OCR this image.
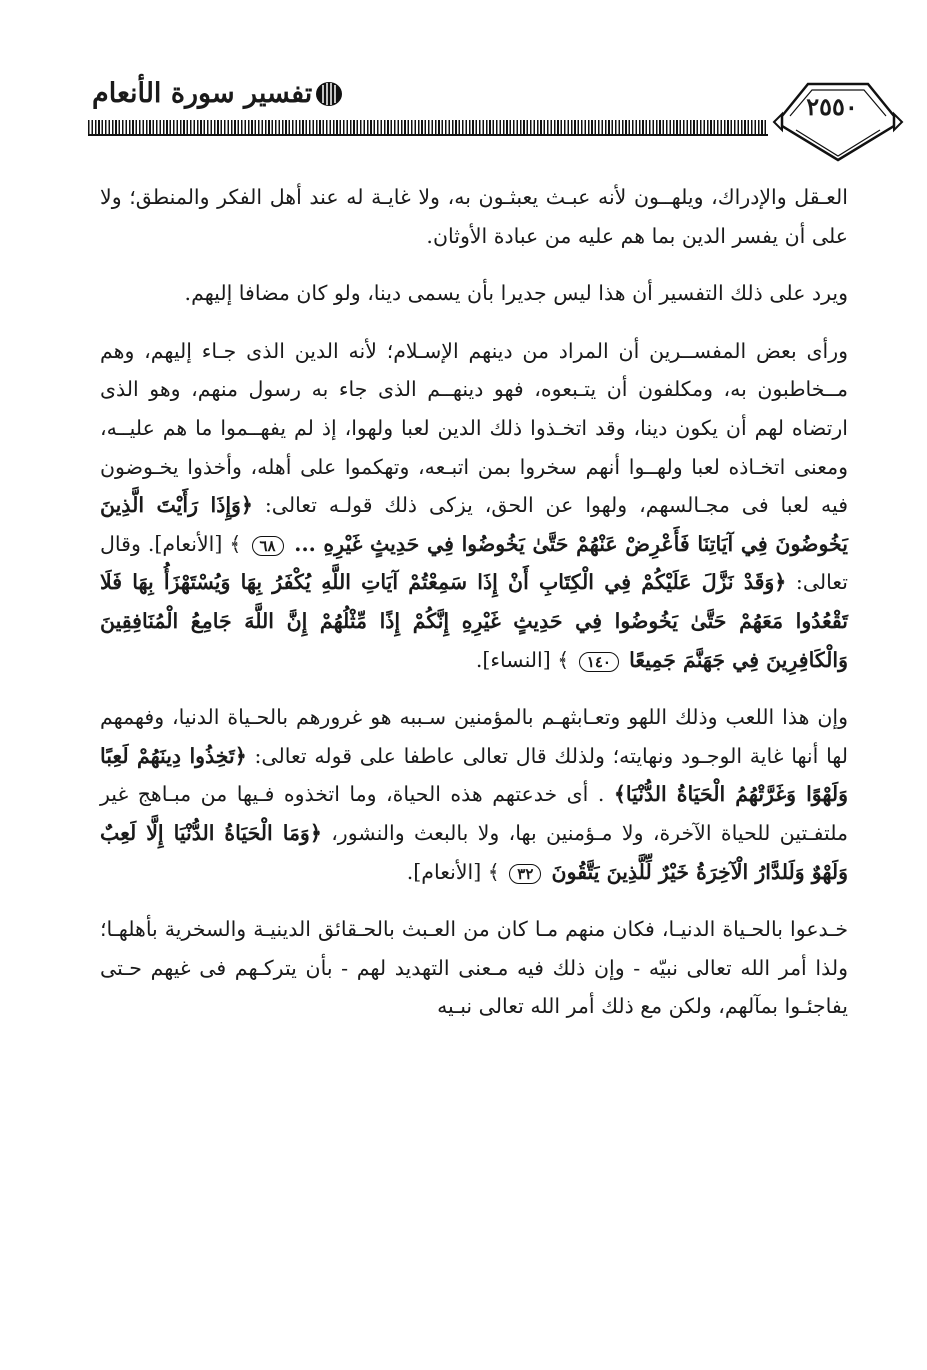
تفسير سورة الأنعام	٢٥٥٠

العـقل والإدراك، ويلهــون لأنه عبـث يعبثـون به، ولا غايـة له عند أهل الفكر والمنطق؛ ولا على أن يفسر الدين بما هم عليه من عبادة الأوثان.

ويرد على ذلك التفسير أن هذا ليس جديرا بأن يسمى دينا، ولو كان مضافا إليهم.

ورأى بعض المفســرين أن المراد من دينهم الإسـلام؛ لأنه الدين الذى جـاء إليهم، وهم مــخاطبون به، ومكلفون أن يتـبعوه، فهو دينهــم الذى جاء به رسول منهم، وهو الذى ارتضاه لهم أن يكون دينا، وقد اتخـذوا ذلك الدين لعبا ولهوا، إذ لم يفهــموا ما هم عليــه، ومعنى اتخـاذه لعبا ولهــوا أنهم سخروا بمن اتبـعه، وتهكموا على أهله، وأخذوا يخـوضون فيه لعبا فى مجـالسهم، ولهوا عن الحق، يزكى ذلك قولـه تعالى: ﴿وَإِذَا رَأَيْتَ الَّذِينَ يَخُوضُونَ فِي آيَاتِنَا فَأَعْرِضْ عَنْهُمْ حَتَّىٰ يَخُوضُوا فِي حَدِيثٍ غَيْرِهِ ... ٦٨ ﴾ [الأنعام]. وقال تعالى: ﴿وَقَدْ نَزَّلَ عَلَيْكُمْ فِي الْكِتَابِ أَنْ إِذَا سَمِعْتُمْ آيَاتِ اللَّهِ يُكْفَرُ بِهَا وَيُسْتَهْزَأُ بِهَا فَلَا تَقْعُدُوا مَعَهُمْ حَتَّىٰ يَخُوضُوا فِي حَدِيثٍ غَيْرِهِ إِنَّكُمْ إِذًا مِّثْلُهُمْ إِنَّ اللَّهَ جَامِعُ الْمُنَافِقِينَ وَالْكَافِرِينَ فِي جَهَنَّمَ جَمِيعًا ١٤٠ ﴾ [النساء].

وإن هذا اللعب وذلك اللهو وتعـابثهـم بالمؤمنين سـببه هو غرورهم بالحـياة الدنيا، وفهمهم لها أنها غاية الوجـود ونهايته؛ ولذلك قال تعالى عاطفا على قوله تعالى: ﴿تَخِذُوا دِينَهُمْ لَعِبًا وَلَهْوًا وَغَرَّتْهُمُ الْحَيَاةُ الدُّنْيَا﴾ . أى خدعتهم هذه الحياة، وما اتخذوه فـيها من مبـاهج غير ملتفـتين للحياة الآخرة، ولا مـؤمنين بها، ولا بالبعث والنشور، ﴿وَمَا الْحَيَاةُ الدُّنْيَا إِلَّا لَعِبٌ وَلَهْوٌ وَلَلدَّارُ الْآخِرَةُ خَيْرٌ لِّلَّذِينَ يَتَّقُونَ ٣٢ ﴾ [الأنعام].

خـدعوا بالحـياة الدنيـا، فكان منهم مـا كان من العـبث بالحـقائق الدينيـة والسخرية بأهلهـا؛ ولذا أمر الله تعالى نبيّه - وإن ذلك فيه مـعنى التهديد لهم - بأن يتركـهم فى غيهم حـتى يفاجئـوا بمآلهم، ولكن مع ذلك أمر الله تعالى نبـيه
